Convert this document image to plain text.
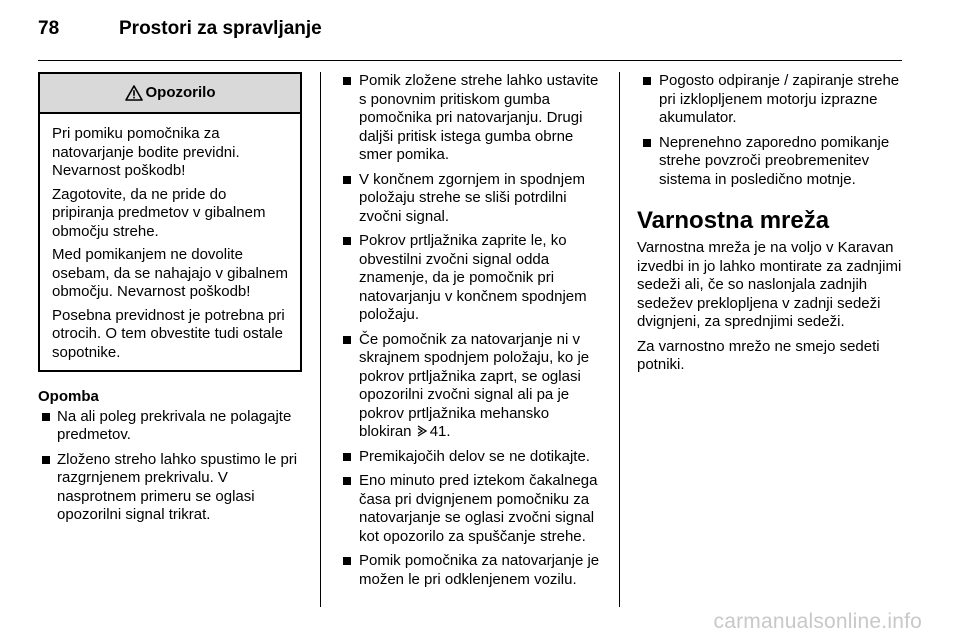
78	Prostori za spravljanje
Opozorilo

Pri pomiku pomočnika za natovarjanje bodite previdni. Nevarnost poškodb!

Zagotovite, da ne pride do pripiranja predmetov v gibalnem območju strehe.

Med pomikanjem ne dovolite osebam, da se nahajajo v gibalnem območju. Nevarnost poškodb!

Posebna previdnost je potrebna pri otrocih. O tem obvestite tudi ostale sopotnike.

Opomba
Na ali poleg prekrivala ne polagajte predmetov.
Zloženo streho lahko spustimo le pri razgrnjenem prekrivalu. V nasprotnem primeru se oglasi opozorilni signal trikrat.
Pomik zložene strehe lahko ustavite s ponovnim pritiskom gumba pomočnika pri natovarjanju. Drugi daljši pritisk istega gumba obrne smer pomika.
V končnem zgornjem in spodnjem položaju strehe se sliši potrdilni zvočni signal.
Pokrov prtljažnika zaprite le, ko obvestilni zvočni signal odda znamenje, da je pomočnik pri natovarjanju v končnem spodnjem položaju.
Če pomočnik za natovarjanje ni v skrajnem spodnjem položaju, ko je pokrov prtljažnika zaprt, se oglasi opozorilni zvočni signal ali pa je pokrov prtljažnika mehansko blokiran 41.
Premikajočih delov se ne dotikajte.
Eno minuto pred iztekom čakalnega časa pri dvignjenem pomočniku za natovarjanje se oglasi zvočni signal kot opozorilo za spuščanje strehe.
Pomik pomočnika za natovarjanje je možen le pri odklenjenem vozilu.
Pogosto odpiranje / zapiranje strehe pri izklopljenem motorju izprazne akumulator.
Neprenehno zaporedno pomikanje strehe povzroči preobremenitev sistema in posledično motnje.
Varnostna mreža

Varnostna mreža je na voljo v Karavan izvedbi in jo lahko montirate za zadnjimi sedeži ali, če so naslonjala zadnjih sedežev preklopljena v zadnji sedeži dvignjeni, za sprednjimi sedeži.

Za varnostno mrežo ne smejo sedeti potniki.

carmanualsonline.info
